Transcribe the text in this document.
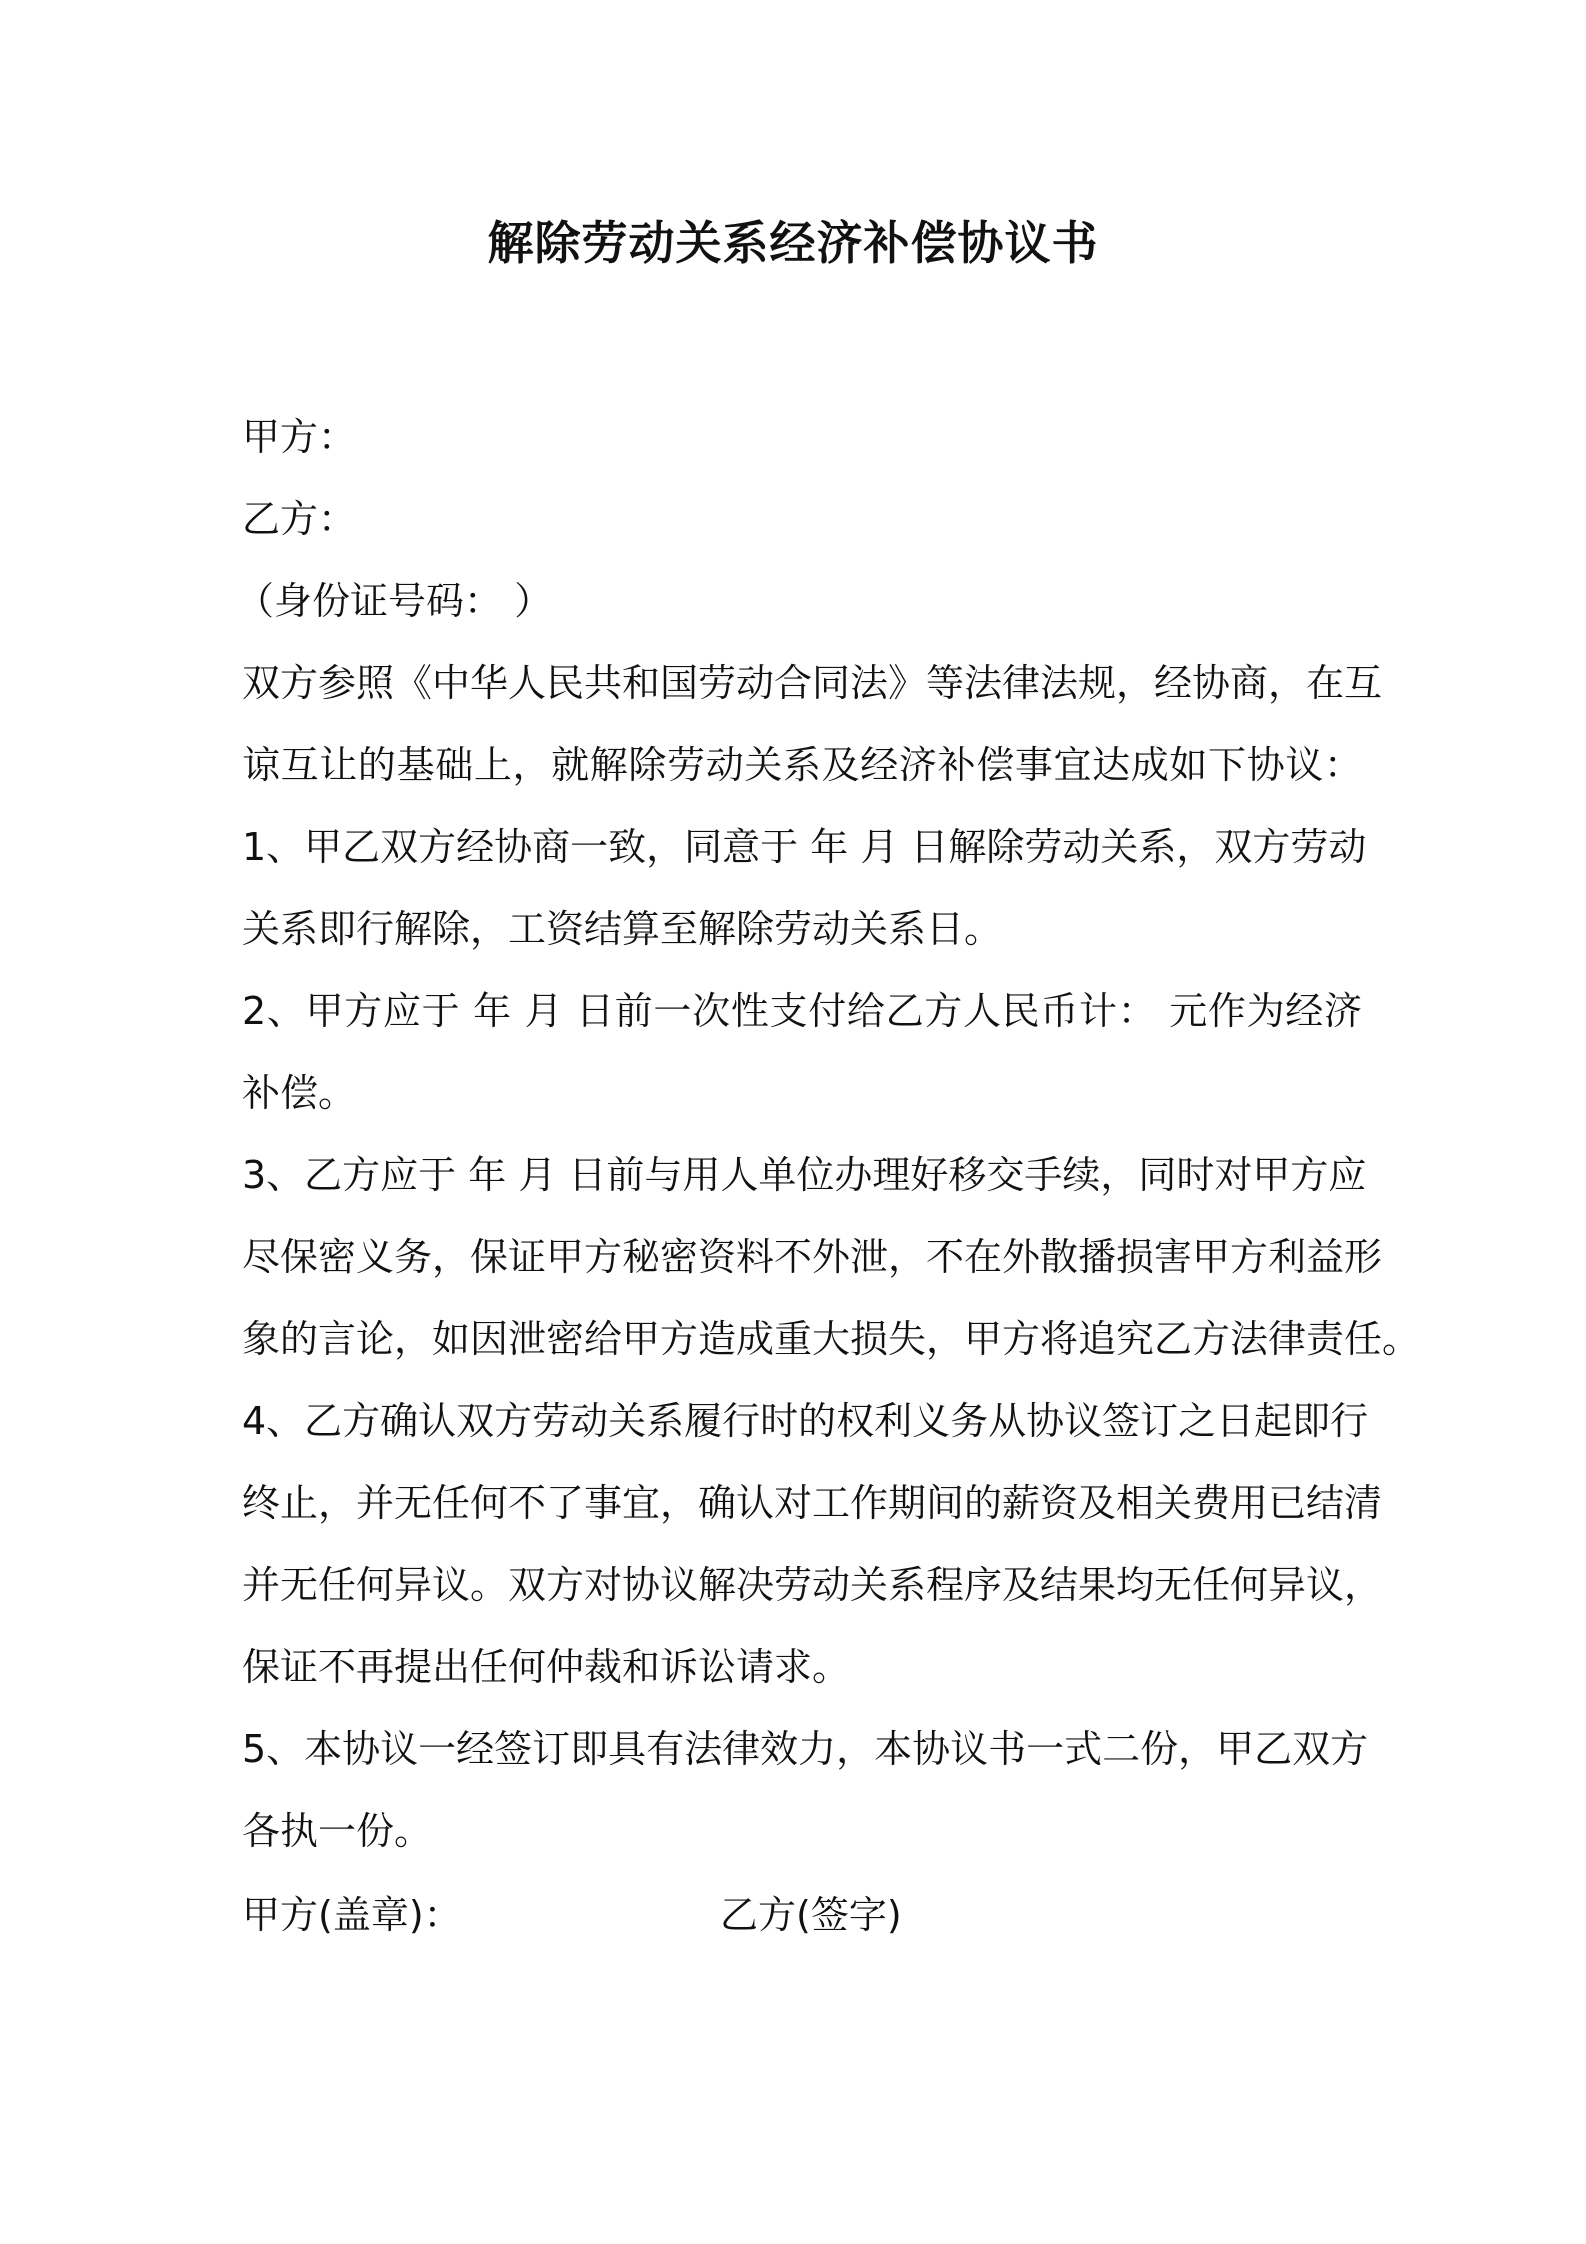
解除劳动关系经济补偿协议书
甲方：
乙方：
（身份证号码： ）
双方参照《中华人民共和国劳动合同法》等法律法规，经协商，在互
谅互让的基础上，就解除劳动关系及经济补偿事宜达成如下协议：
1、甲乙双方经协商一致，同意于 年 月 日解除劳动关系，双方劳动
关系即行解除，工资结算至解除劳动关系日。
2、甲方应于 年 月 日前一次性支付给乙方人民币计： 元作为经济
补偿。
3、乙方应于 年 月 日前与用人单位办理好移交手续，同时对甲方应
尽保密义务，保证甲方秘密资料不外泄，不在外散播损害甲方利益形
象的言论，如因泄密给甲方造成重大损失，甲方将追究乙方法律责任。
4、乙方确认双方劳动关系履行时的权利义务从协议签订之日起即行
终止，并无任何不了事宜，确认对工作期间的薪资及相关费用已结清
并无任何异议。双方对协议解决劳动关系程序及结果均无任何异议，
保证不再提出任何仲裁和诉讼请求。
5、本协议一经签订即具有法律效力，本协议书一式二份，甲乙双方
各执一份。
甲方(盖章)：	乙方(签字)
